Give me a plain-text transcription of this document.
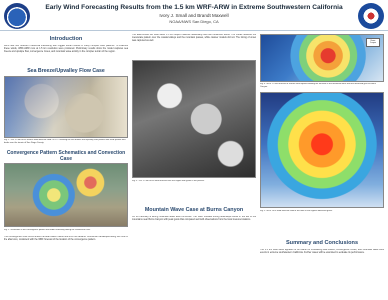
Early Wind Forecasting Results from the 1.5 km WRF-ARW in Extreme Southwestern California
Ivory J. Small and Brandt Maxwell
NOAA/NWS San Diego, CA
Introduction
Wind flow into Southern California interacting with rugged terrain results in many complex wind patterns. To examine these winds, WRF-ARW runs at 1.5 km resolution were produced. Preliminary results show the model captures sea breeze and upslope flow, convergence zones, and mountain wave activity in the complex terrain of the region.
Sea Breeze/Upvalley Flow Case
Fig. 1. The 1.5 km WRF surface wind forecast valid 23 UTC showing the sea breeze and upvalley flow pattern with wind speeds and barbs over the terrain of San Diego County.
Convergence Pattern Schematics and Convection Case
Fig. 2. Schematic of the convergence pattern and radar reflectivity during the convection case.
The convergence zone forms where the sea breeze meets flow from the deserts. Convection developed along the zone in the afternoon, consistent with the WRF forecast of the location of the convergence pattern.
The data shows the WRF-ARW 1.5 km output matched reasonably well with observed winds. The model resolved the mesoscale pattern over the coastal valleys and the mountain passes, while coarser models did not. The timing of onset was captured as well.
Fig. 3. The 1.5 km WRF wind forecast over the region with gusts in the passes.
Mountain Wave Case at Burns Canyon
On 20 February a strong mountain wave event occurred. The WRF forecast strong downslope winds in the lee of the mountains near Burns Canyon with peak gusts that compared well with observations from the local mesonet stations.
Burns Canyon
Fig. 4. WRF 1.5 km forecast of surface wind speed showing the location of the mountain wave and the observed gust at Burns Canyon.
Fig. 5. WRF 10 m wind forecast valid at the time of the highest observed gusts.
Summary and Conclusions
The 1.5 km WRF-ARW appears to be useful for forecasting sea breeze, convergence zones, and mountain wave wind events in extreme southwestern California. Further cases will be examined to evaluate its performance.
